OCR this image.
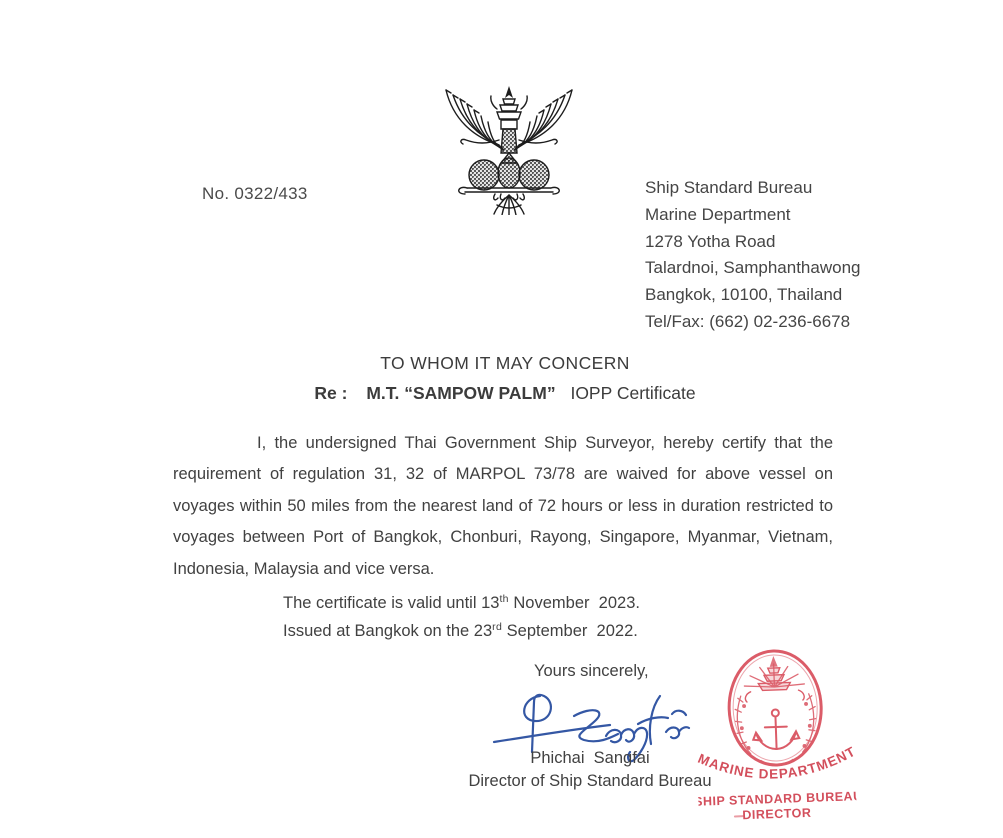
No. 0322/433	Ship Standard Bureau
Marine Department
1278 Yotha Road
Talardnoi, Samphanthawong
Bangkok, 10100, Thailand
Tel/Fax: (662) 02-236-6678
TO WHOM IT MAY CONCERN
Re : M.T. “SAMPOW PALM” IOPP Certificate
I, the undersigned Thai Government Ship Surveyor, hereby certify that the
requirement of regulation 31, 32 of MARPOL 73/78 are waived for above vessel on
voyages within 50 miles from the nearest land of 72 hours or less in duration restricted to
voyages between Port of Bangkok, Chonburi, Rayong, Singapore, Myanmar, Vietnam,
Indonesia, Malaysia and vice versa.
The certificate is valid until 13th November  2023.
Issued at Bangkok on the 23rd September  2022.
Yours sincerely,
Phichai  Sangfai
Director of Ship Standard Bureau
MARINE DEPARTMENT
SHIP STANDARD BUREAU
DIRECTOR
